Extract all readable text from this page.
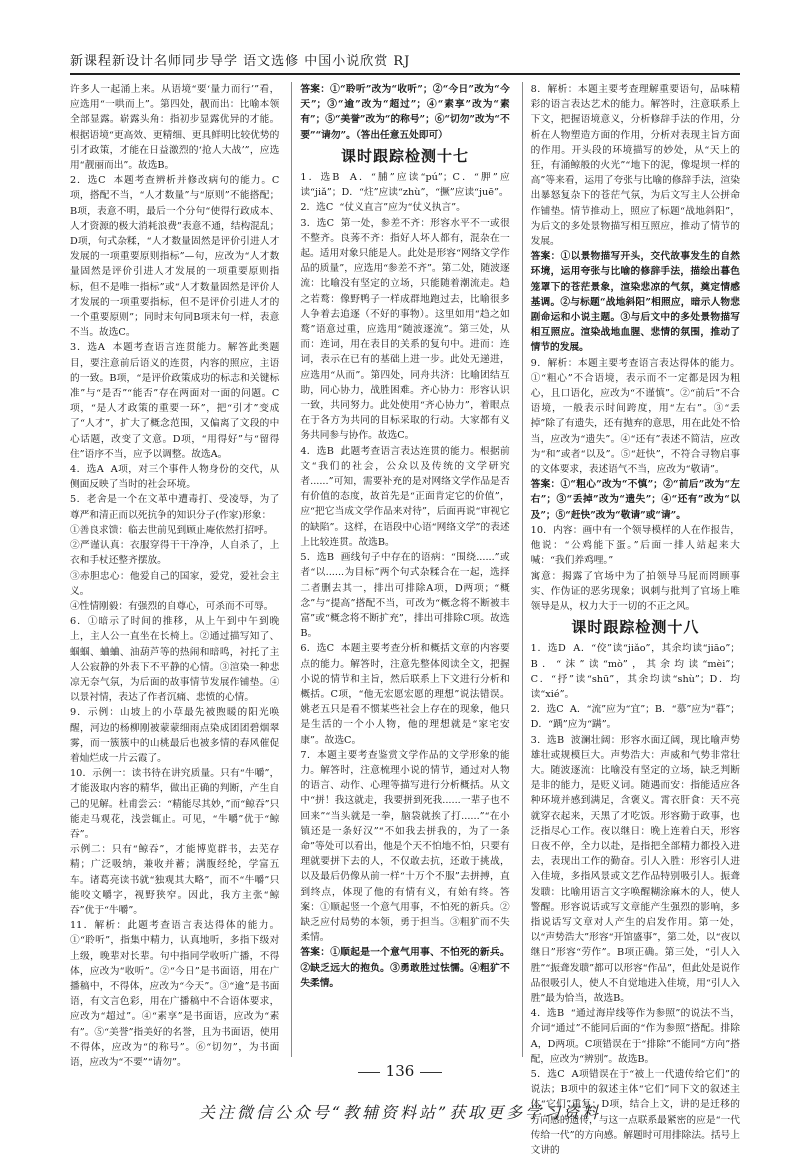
新课程新设计名师同步导学 语文选修 中国小说欣赏 RJ

许多人一起涌上来。从语境“要‘量力而行’”看，应选用“一哄而上”。第四处，靓而出：比喻本领全部显露。崭露头角：指初步显露优异的才能。根据语境“更高效、更精细、更具鲜明比较优势的引才政策，才能在日益激烈的‘抢人大战’”，应选用“靓丽而出”。故选B。

2．选C  本题考查辨析并修改病句的能力。C项，搭配不当，“人才数量”与“原则”不能搭配；B项，表意不明，最后一个分句“使得行政成本、人才资源的极大消耗浪费”表意不通，结构混乱；D项，句式杂糅，“人才数量固然是评价引进人才发展的一项重要原则指标”—句，应改为“人才数量固然是评价引进人才发展的一项重要原则指标，但不是唯一指标”或“人才数量固然是评价人才发展的一项重要指标，但不是评价引进人才的一个重要原则”；同时末句同B项末句一样，表意不当。故选C。

3．选A  本题考查语言连贯能力。解答此类题目，要注意前后语义的连贯，内容的照应，主语的一致。B项，“是评价政策成功的标志和关键标准”与“是否”“能否”存在两面对一面的问题。C项，“是人才政策的重要一环”，把“引才”变成了“人才”，扩大了概念范围，又偏离了文段的中心话题，改变了文意。D项，“用得好”与“留得住”语序不当，应予以调整。故选A。

4．选A  A项，对三个事件人物身份的交代，从侧面反映了当时的社会环境。

5．老舍是一个在文革中遭毒打、受凌辱，为了尊严和清正而以死抗争的知识分子(作家)形象：

①善良求馈：临去世前见到顾止庵依然打招呼。

②严谨认真：衣服穿得干干净净，人自杀了，上衣和手杖还整齐摆放。

③赤胆忠心：他爱自己的国家，爱党，爱社会主义。

④性情刚毅：有强烈的自尊心，可杀而不可辱。

6．①暗示了时间的推移，从上午到中午到晚上，主人公一直坐在长椅上。②通过描写知了、蝈蝈、蛐蛐、油葫芦等的热闹和暗鸣，衬托了主人公寂静的外表下不平静的心情。③渲染一种悲凉无奈气氛，为后面的故事情节发展作铺垫。④以景衬情，表达了作者沉痛、悲愤的心情。

9．示例：山坡上的小草最先被煦暖的阳光唤醒，河边的杨柳刚被蒙蒙细雨点染成团团碧烟翠雾，而一簇簇中的山桃最后也被多情的春风催促着灿烂成一片云霞了。

10．示例一：读书待在讲究质量。只有“牛嚼”，才能汲取内容的精华，做出正确的判断，产生自己的见解。杜甫尝云：“精能尽其妙，”而“鲸吞”只能走马观花，浅尝辄止。可见，“牛嚼”优于“鲸吞”。

示例二：只有“鲸吞”，才能博览群书，去芜存精；广泛吸纳，兼收并蓄；满腹经纶，学富五车。诸葛亮读书就“独观其大略”，而不“牛嚼”只能咬文嚼字，视野狭窄。因此，我方主张“鲸吞”优于“牛嚼”。

11．解析：此题考查语言表达得体的能力。①“聆听”，指集中精力，认真地听，多指下级对上级，晚辈对长辈。句中指同学收听广播，不得体，应改为“收听”。②“今日”是书面语，用在广播稿中，不得体，应改为“今天”。③“逾”是书面语，有文言色彩，用在广播稿中不合语体要求，应改为“超过”。④“素享”是书面语，应改为“素有”。⑤“美誉”指美好的名誉，且为书面语，使用不得体，应改为“的称号”。⑥“切勿”，为书面语，应改为“不要”“请勿”。

答案：①“聆听”改为“收听”；②“今日”改为“今天”；③“逾”改为“超过”；④“素享”改为“素有”；⑤“美誉”改为“的称号”；⑥“切勿”改为“不要”“请勿”。（答出任意五处即可）

课时跟踪检测十七

1．选B  A．“脯”应读“pú”；C．“胛”应读“jiǎ”；D．“炷”应读“zhù”，“撅”应读“juē”。

2．选C  “仗义直言”应为“仗义执言”。

3．选C  第一处，参差不齐：形容水平不一或很不整齐。良莠不齐：指好人坏人都有，混杂在一起。适用对象只能是人。此处是形容“网络文学作品的质量”，应选用“参差不齐”。第二处，随波逐流：比喻没有坚定的立场，只能随着潮流走。趋之若鹜：像野鸭子一样成群地跑过去，比喻很多人争着去追逐（不好的事物）。这里如用“趋之如鹜”语意过重，应选用“随波逐流”。第三处，从而：连词，用在表目的关系的复句中。进而：连词，表示在已有的基础上进一步。此处无递进，应选用“从而”。第四处，同舟共济：比喻团结互助，同心协力，战胜困难。齐心协力：形容认识一致，共同努力。此处使用“齐心协力”，着眼点在于各方为共同的目标采取的行动。大家都有义务共同参与协作。故选C。

4．选B  此题考查语言表达连贯的能力。根据前文“我们的社会，公众以及传统的文学研究者......”可知，需要补充的是对网络文学作品是否有价值的态度，故首先是“正面肯定它的价值”，应“把它当成文学作品来对待”，后面再说“审视它的缺陷”。这样，在语段中心语“网络文学”的表述上比较连贯。故选B。

5．选B  画线句子中存在的语病：“围绕......”或者“以......为目标”两个句式杂糅合在一起，选择二者删去其一，排出可排除A项，D两项；“概念”与“提高”搭配不当，可改为“概念将不断被丰富”或“概念将不断扩充”，排出可排除C项。故选B。

6．选C  本题主要考查分析和概括文章的内容要点的能力。解答时，注意先整体阅读全文，把握小说的情节和主旨，然后联系上下文进行分析和概括。C项，“他无宏愿宏愿的理想”说法错误。姚老五只是看不惯某些社会上存在的现象，他只是生活的一个小人物，他的理想就是“家宅安康”。故选C。

7．本题主要考查鉴赏文学作品的文学形象的能力。解答时，注意梳理小说的情节，通过对人物的语言、动作、心理等描写进行分析概括。从文中“拼！我这就走，我要拼到死我......一辈子也不回来”“当头就是一拳，脑袋就挨了打......”“在小镇还是一条好汉”“不如我去拼我的，为了一条命”等处可以看出，他是个天不怕地不怕，只要有理就要拼下去的人，不仅敢去抗，还敢于挑战，以及最后仍像从前一样“十万个不服”去拼搏，直到终点，体现了他的有情有义，有始有终。答案：①顺起竖一个意气用事，不怕死的新兵。②缺乏应付局势的本领，勇于担当。③粗犷而不失柔情。

答案：①顺起是一个意气用事、不怕死的新兵。②缺乏远大的抱负。③勇敢胜过怯懦。④粗犷不失柔情。

8．解析：本题主要考查理解重要语句，品味精彩的语言表达艺术的能力。解答时，注意联系上下文，把握语境意义，分析修辞手法的作用，分析在人物塑造方面的作用，分析对表现主旨方面的作用。开头段的环境描写的妙处，从“天上的狂，有涌鲸般的火光”“地下的泥，像堤坝一样的高”等来看，运用了夸张与比喻的修辞手法，渲染出暴怒复杂下的苍茫气氛，为后文写主人公拼命作铺垫。情节推动上，照应了标题“战地斜阳”，为后文的多处景物描写相互照应，推动了情节的发展。

答案：①以景物描写开头，交代故事发生的自然环境，运用夸张与比喻的修辞手法，描绘出暮色笼罩下的苍茫景象，渲染悲凉的气氛，奠定情感基调。②与标题“战地斜阳”相照应，暗示人物悲剧命运和小说主题。③与后文中的多处景物描写相互照应。渲染战地血腥、悲情的氛围，推动了情节的发展。

9．解析：本题主要考查语言表达得体的能力。①“粗心”不合语境，表示而不一定都是因为粗心，且口语化，应改为“不谨慎”。②“前后”不合语境，一般表示时间跨度，用“左右”。③“丢掉”除了有遗失，还有抛弃的意思，用在此处不恰当，应改为“遗失”。④“还有”表述不简洁，应改为“和”或者“以及”。⑤“赶快”，不符合寻物启事的文体要求，表述语气不当，应改为“敬请”。

答案：①“粗心”改为“不慎”；②“前后”改为“左右”；③“丢掉”改为“遗失”；④“还有”改为“以及”；⑤“赶快”改为“敬请”或“请”。

10．内容：画中有一个领导模样的人在作报告，他说：“公鸡能下蛋。”后面一排人站起来大喊：“我们养鸡哩。”

寓意：揭露了官场中为了拍领导马屁而罔顾事实、作伪证的恶劣现象；讽刺与批判了官场上唯领导是从，权力大于一切的不正之风。

课时跟踪检测十八

1．选D  A．“佼”读“jiǎo”，其余均读“jiāo”；B．“沫”读“mò”，其余均读“mèi”；C．“抒”读“shū”，其余均读“shù”；D．均读“xié”。

2．选C  A．“流”应为“宜”；B．“慕”应为“暮”；D．“踽”应为“蹒”。

3．选B  波澜壮阔：形容水面辽阔，现比喻声势雄壮或规模巨大。声势浩大：声威和气势非常壮大。随波逐流：比喻没有坚定的立场，缺乏判断是非的能力，是贬义词。随遇而安：指能适应各种环境并感到满足，含褒义。霄衣肝食：天不亮就穿衣起来，天黑了才吃饭。形容勤于政事，也泛指尽心工作。夜以继日：晚上连着白天，形容日夜不停，全力以赴，是指把全部精力都投入进去，表现出工作的勤奋。引人入胜：形容引人进入佳境，多指风景或文艺作品特别吸引人。振聋发聩：比喻用语言文字唤醒糊涂麻木的人，使人警醒。形容说话或写文章能产生强烈的影响，多指说话写文章对人产生的启发作用。第一处，以“声势浩大”形容“开馆盛事”，第二处，以“夜以继日”形容“劳作”。B项正确。第三处，“引人入胜”“振聋发聩”都可以形容“作品”，但此处是说作品很吸引人，使人不自觉地进入佳境，用“引人入胜”最为恰当，故选B。

4．选B  “通过海岸线等作为参照”的说法不当，介词“通过”不能同后面的“作为参照”搭配。排除A，D两项。C项错误在于“排除”不能同“方向”搭配，应改为“辨别”。故选B。

5．选C  A项错误在于“被上一代遗传给它们”的说法；B项中的叙述主体“它们”同下文的叙述主体“它们”重复；D项，结合上文，讲的是迁移的方向感的遗传，与这一点联系最紧密的应是“一代传给一代”的方向感。解题时可用排除法。括号上文讲的

136
关注微信公众号“教辅资料站”获取更多学习资料
